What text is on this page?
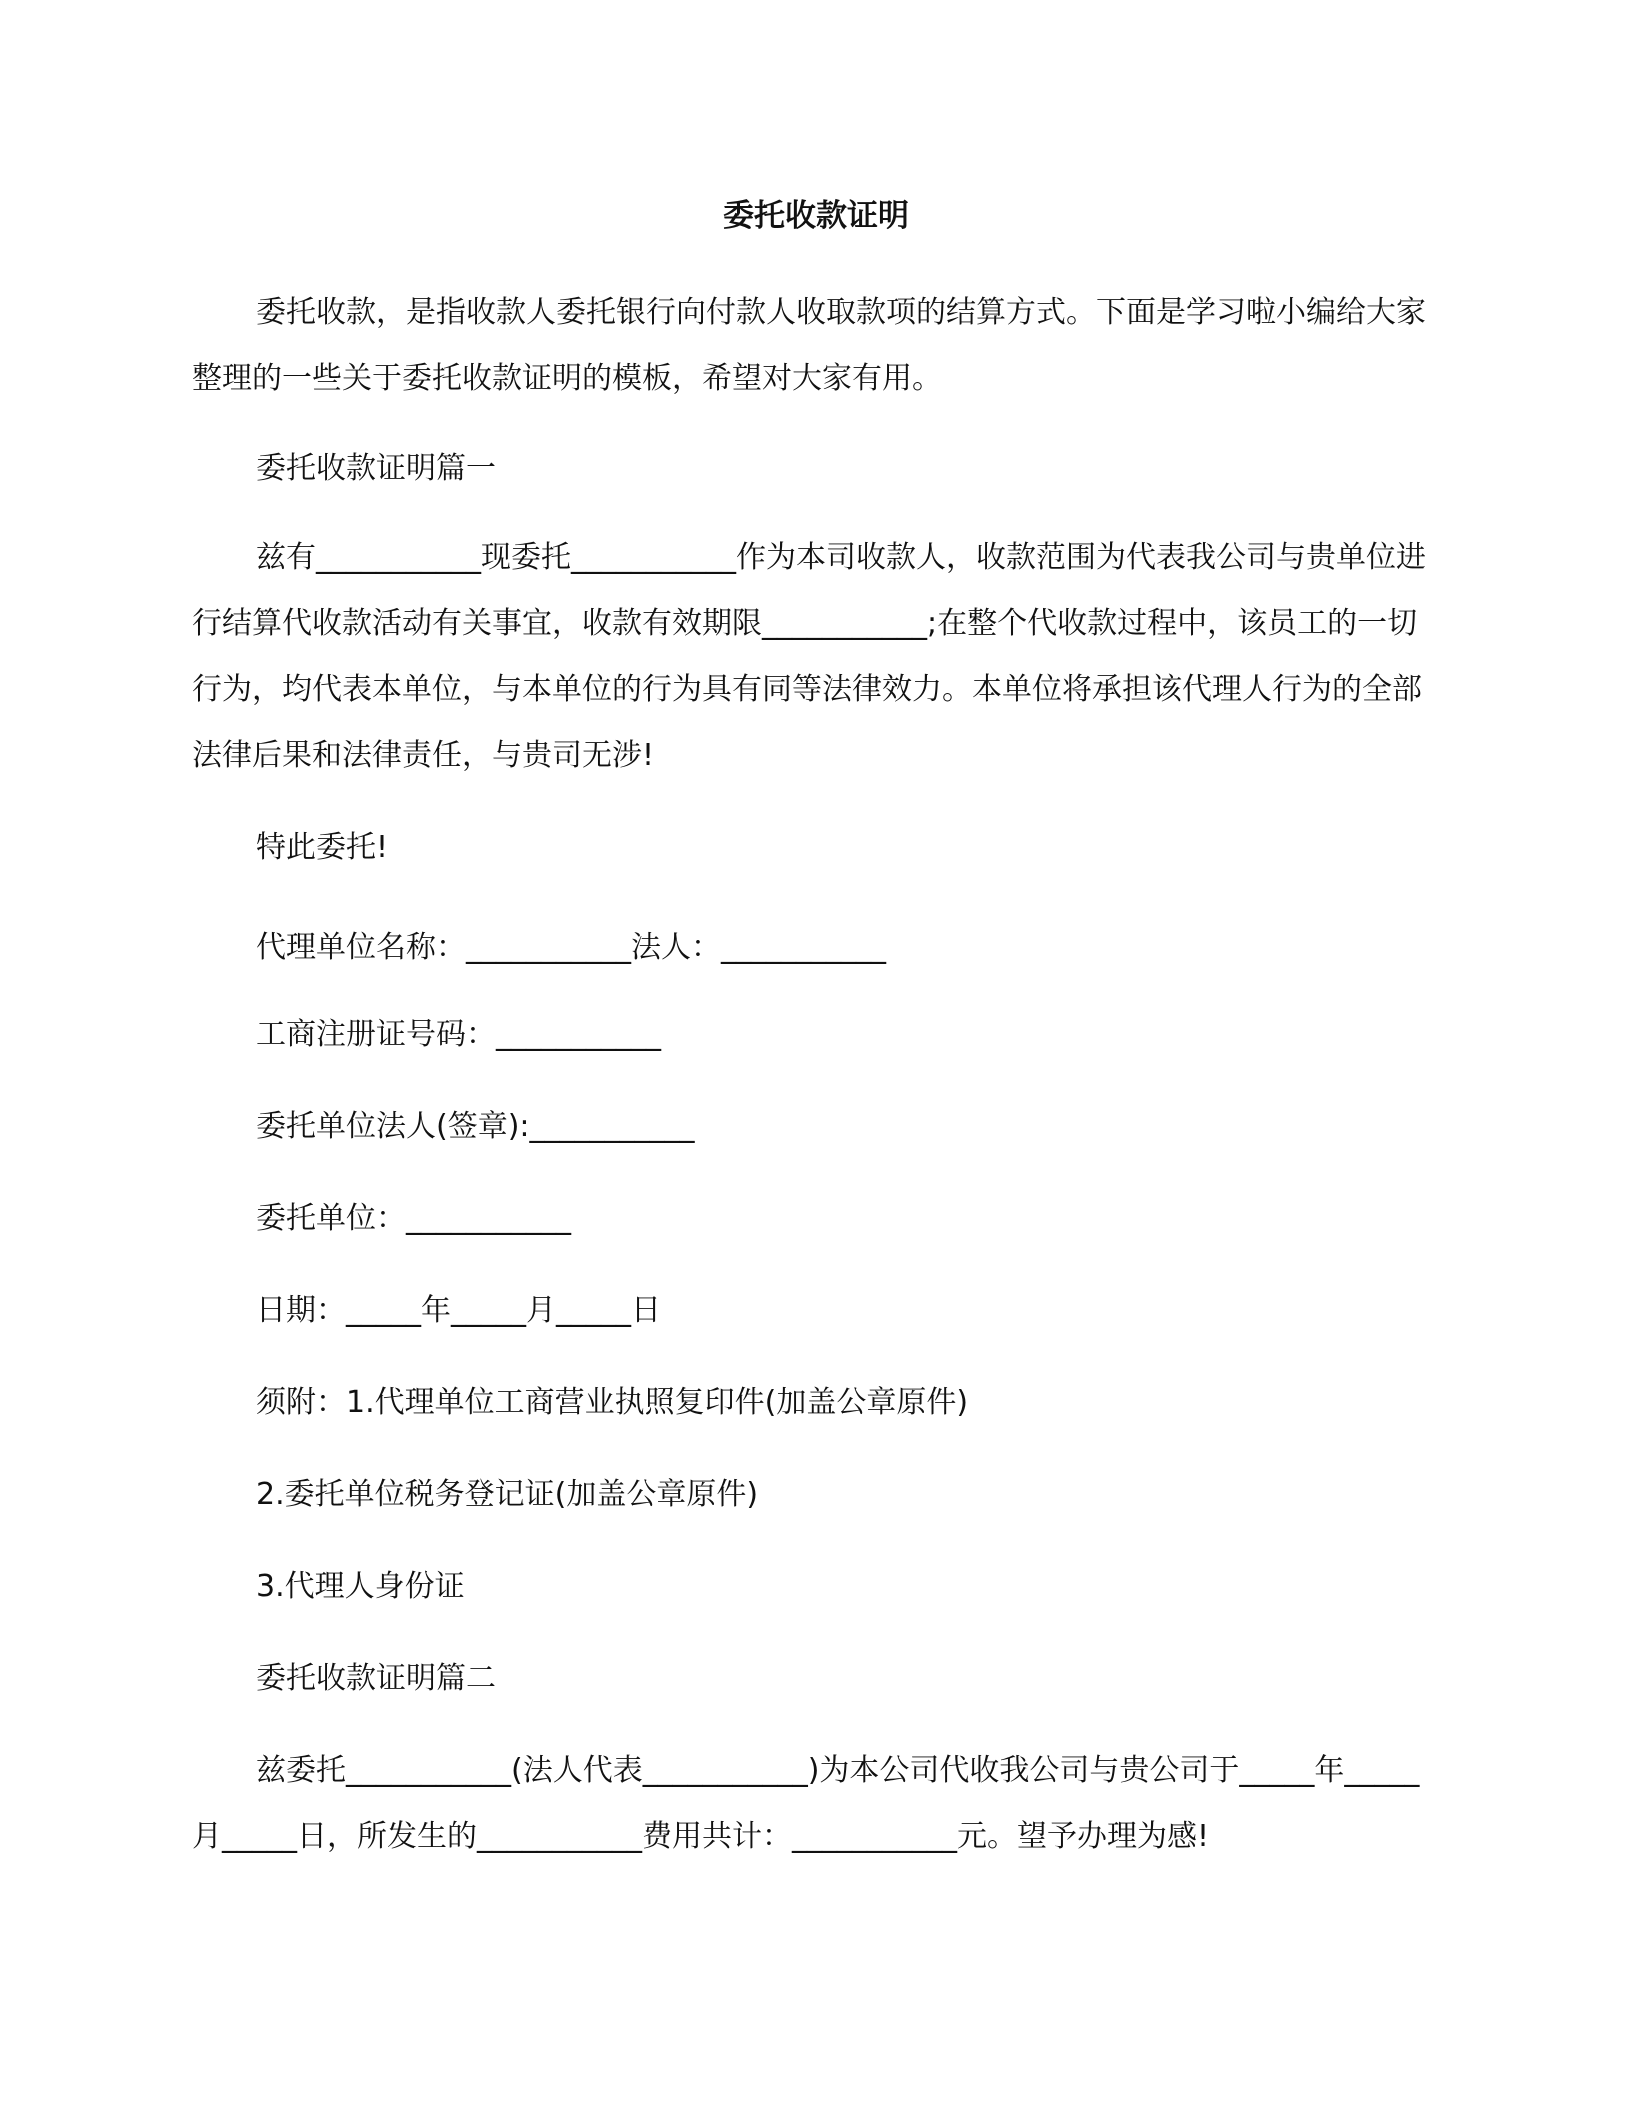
委托收款证明

委托收款，是指收款人委托银行向付款人收取款项的结算方式。下面是学习啦小编给大家整理的一些关于委托收款证明的模板，希望对大家有用。

委托收款证明篇一

兹有___________现委托___________作为本司收款人，收款范围为代表我公司与贵单位进行结算代收款活动有关事宜，收款有效期限___________;在整个代收款过程中，该员工的一切行为，均代表本单位，与本单位的行为具有同等法律效力。本单位将承担该代理人行为的全部法律后果和法律责任，与贵司无涉!

特此委托!

代理单位名称：___________法人：___________

工商注册证号码：___________

委托单位法人(签章):___________

委托单位：___________

日期：_____年_____月_____日

须附：1.代理单位工商营业执照复印件(加盖公章原件)

2.委托单位税务登记证(加盖公章原件)

3.代理人身份证

委托收款证明篇二

兹委托___________(法人代表___________)为本公司代收我公司与贵公司于_____年_____月_____日，所发生的___________费用共计：___________元。望予办理为感!
